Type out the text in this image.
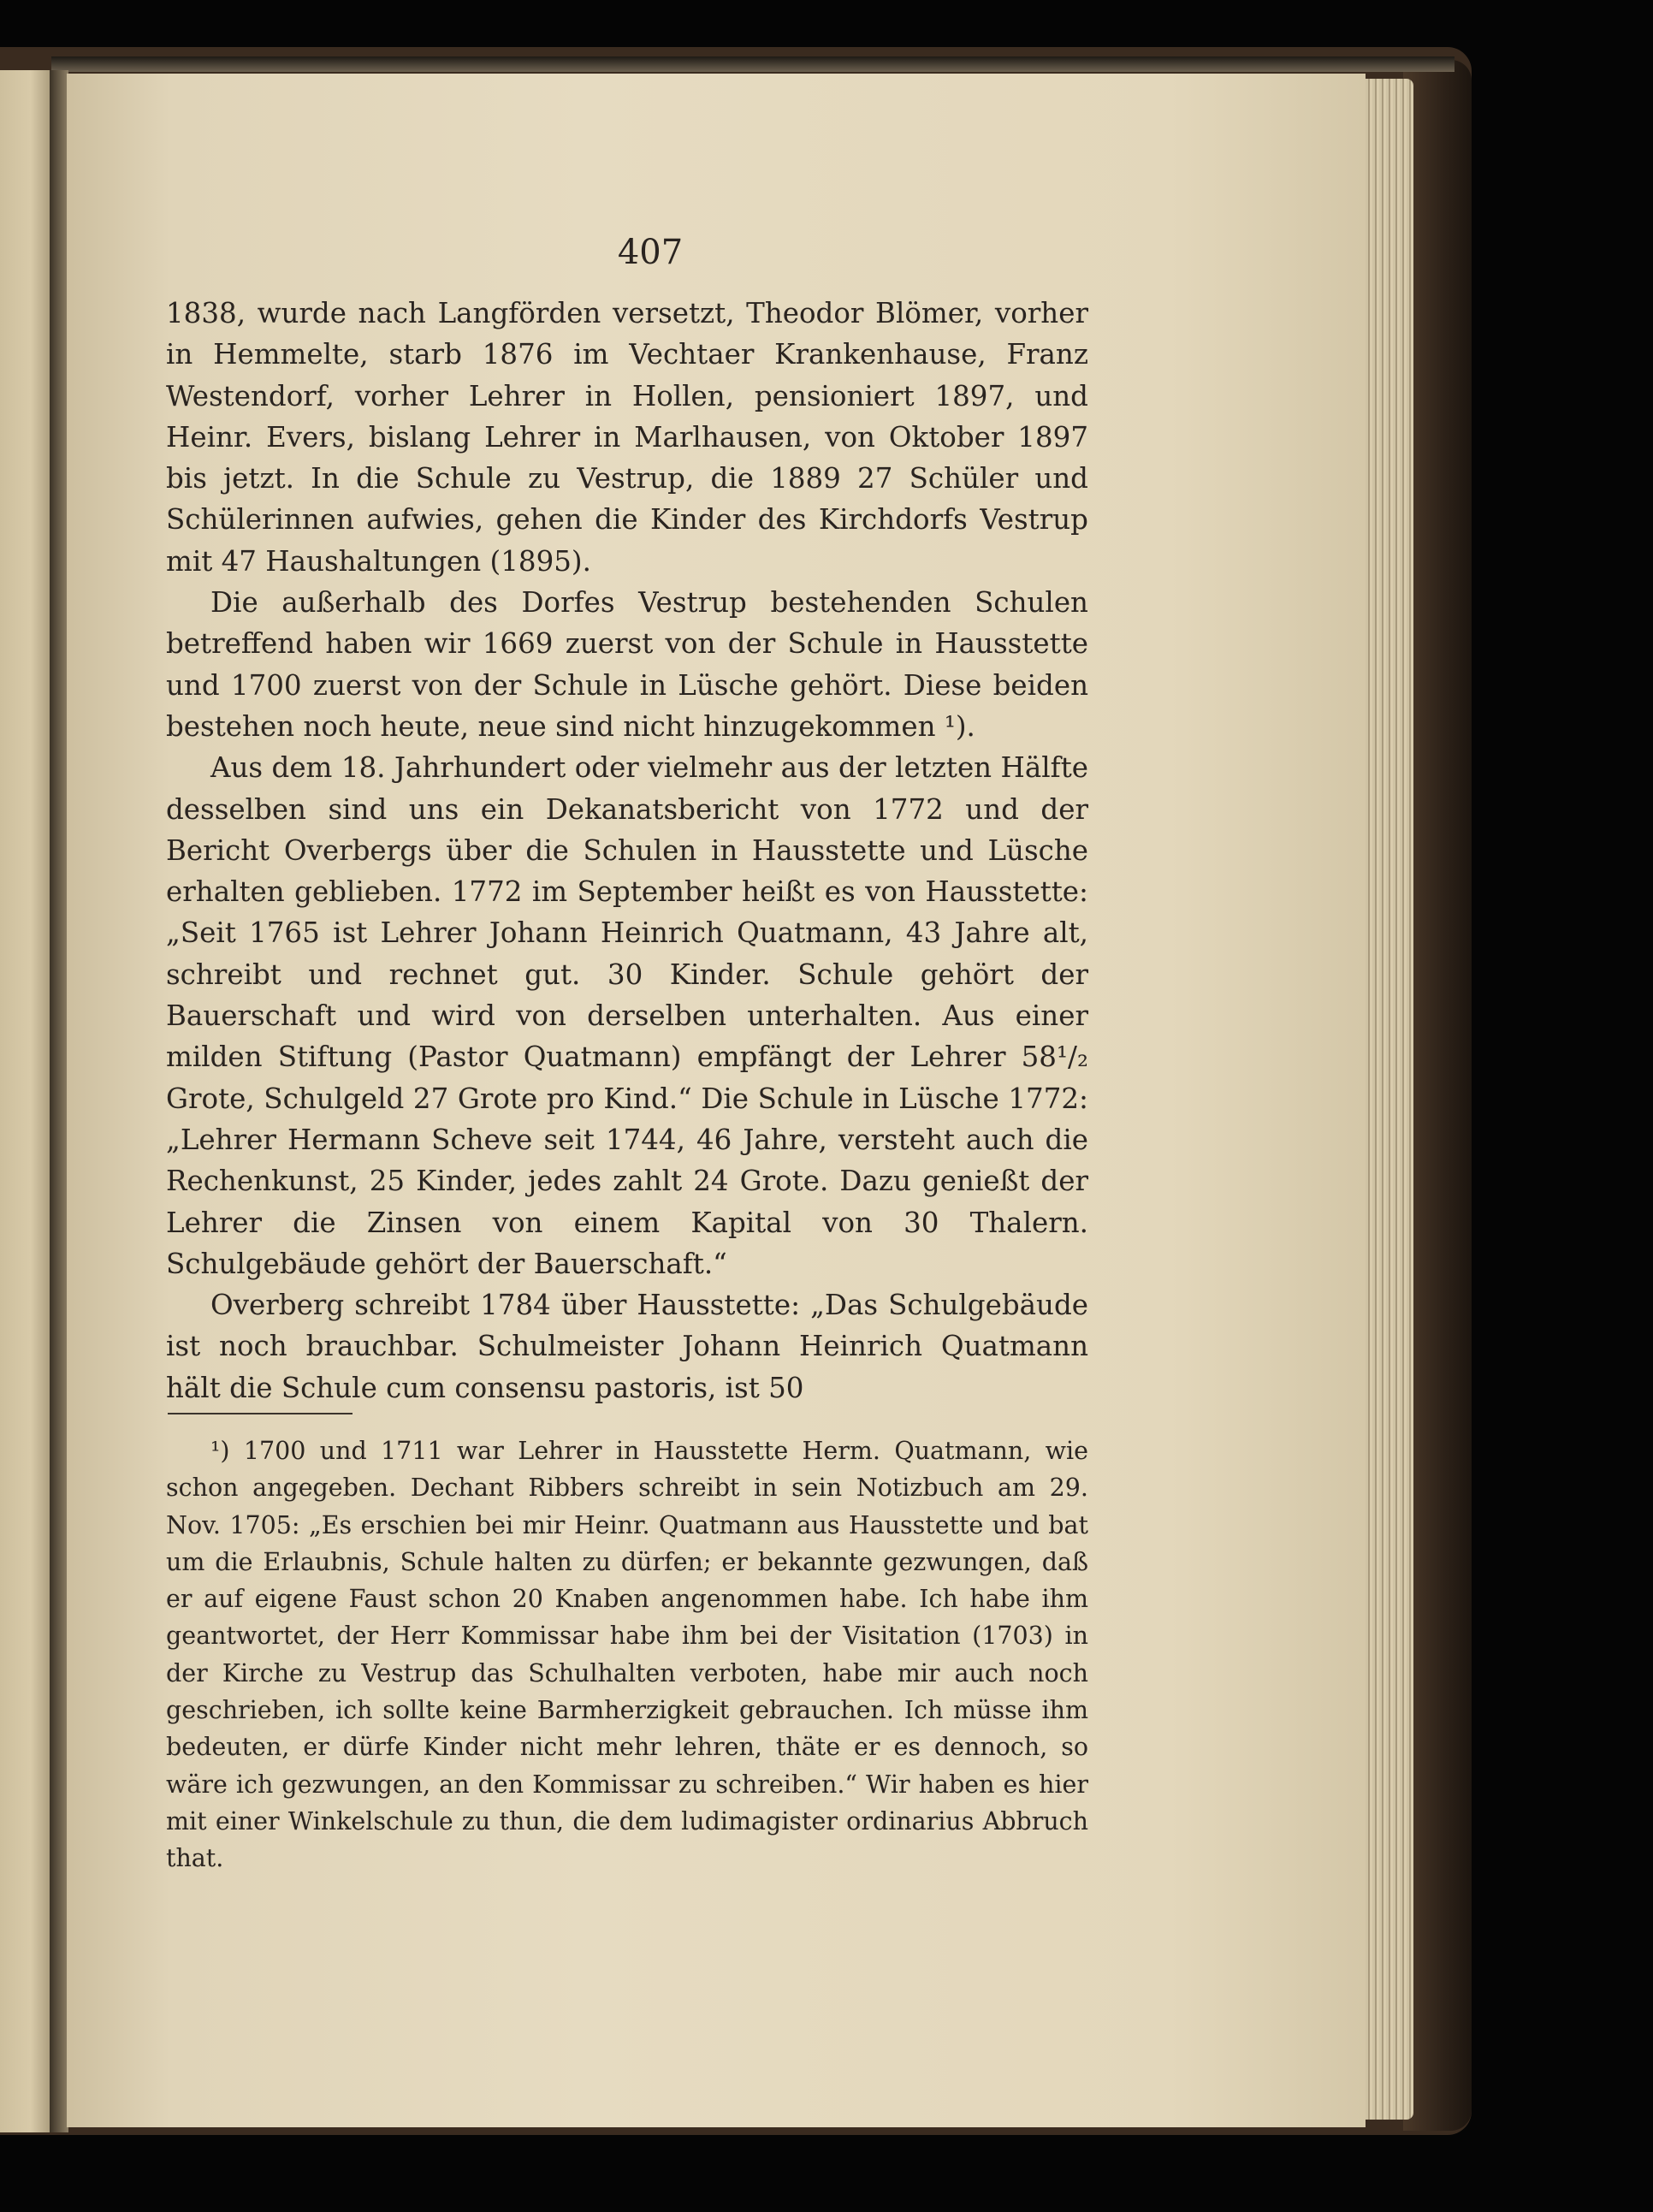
407

1838, wurde nach Langförden versetzt, Theodor Blömer, vorher in Hemmelte, starb 1876 im Vechtaer Krankenhause, Franz Westendorf, vorher Lehrer in Hollen, pensioniert 1897, und Heinr. Evers, bislang Lehrer in Marlhausen, von Oktober 1897 bis jetzt. In die Schule zu Vestrup, die 1889 27 Schüler und Schülerinnen aufwies, gehen die Kinder des Kirchdorfs Vestrup mit 47 Haushaltungen (1895).

Die außerhalb des Dorfes Vestrup bestehenden Schulen betreffend haben wir 1669 zuerst von der Schule in Hausstette und 1700 zuerst von der Schule in Lüsche gehört. Diese beiden bestehen noch heute, neue sind nicht hinzugekommen ¹).

Aus dem 18. Jahrhundert oder vielmehr aus der letzten Hälfte desselben sind uns ein Dekanatsbericht von 1772 und der Bericht Overbergs über die Schulen in Hausstette und Lüsche erhalten geblieben. 1772 im September heißt es von Hausstette: „Seit 1765 ist Lehrer Johann Heinrich Quatmann, 43 Jahre alt, schreibt und rechnet gut. 30 Kinder. Schule gehört der Bauerschaft und wird von derselben unterhalten. Aus einer milden Stiftung (Pastor Quatmann) empfängt der Lehrer 58¹/₂ Grote, Schulgeld 27 Grote pro Kind.“ Die Schule in Lüsche 1772: „Lehrer Hermann Scheve seit 1744, 46 Jahre, versteht auch die Rechenkunst, 25 Kinder, jedes zahlt 24 Grote. Dazu genießt der Lehrer die Zinsen von einem Kapital von 30 Thalern. Schulgebäude gehört der Bauerschaft.“

Overberg schreibt 1784 über Hausstette: „Das Schulgebäude ist noch brauchbar. Schulmeister Johann Heinrich Quatmann hält die Schule cum consensu pastoris, ist 50

¹) 1700 und 1711 war Lehrer in Hausstette Herm. Quatmann, wie schon angegeben. Dechant Ribbers schreibt in sein Notizbuch am 29. Nov. 1705: „Es erschien bei mir Heinr. Quatmann aus Hausstette und bat um die Erlaubnis, Schule halten zu dürfen; er bekannte gezwungen, daß er auf eigene Faust schon 20 Knaben angenommen habe. Ich habe ihm geantwortet, der Herr Kommissar habe ihm bei der Visitation (1703) in der Kirche zu Vestrup das Schulhalten verboten, habe mir auch noch geschrieben, ich sollte keine Barmherzigkeit gebrauchen. Ich müsse ihm bedeuten, er dürfe Kinder nicht mehr lehren, thäte er es dennoch, so wäre ich gezwungen, an den Kommissar zu schreiben.“ Wir haben es hier mit einer Winkelschule zu thun, die dem ludimagister ordinarius Abbruch that.
